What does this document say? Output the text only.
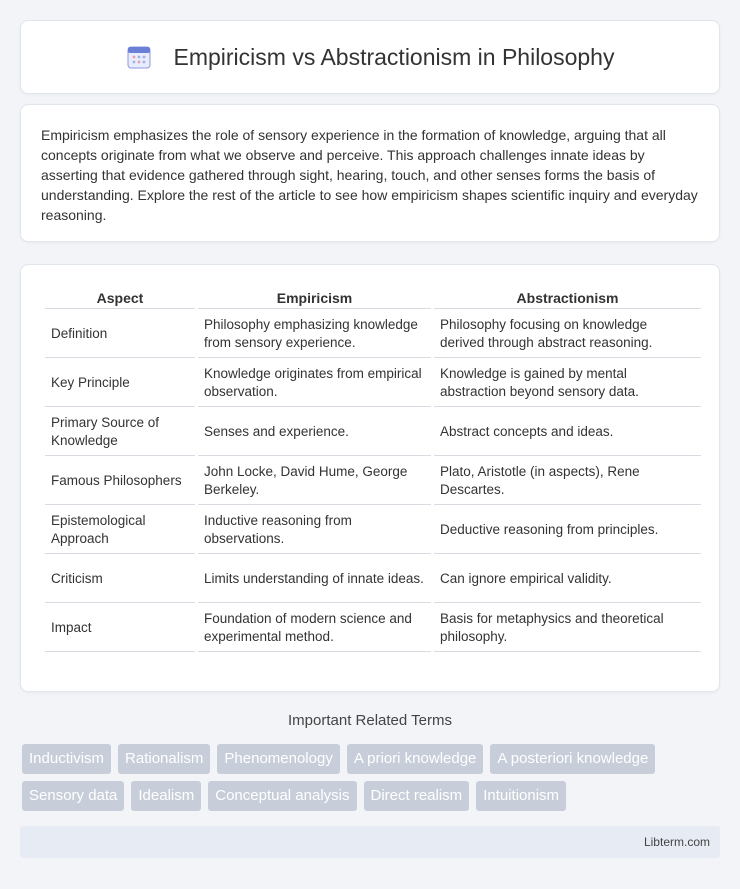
Empiricism vs Abstractionism in Philosophy

Empiricism emphasizes the role of sensory experience in the formation of knowledge, arguing that all concepts originate from what we observe and perceive. This approach challenges innate ideas by asserting that evidence gathered through sight, hearing, touch, and other senses forms the basis of understanding. Explore the rest of the article to see how empiricism shapes scientific inquiry and everyday reasoning.

Aspect	Empiricism	Abstractionism
Definition	Philosophy emphasizing knowledge from sensory experience.	Philosophy focusing on knowledge derived through abstract reasoning.
Key Principle	Knowledge originates from empirical observation.	Knowledge is gained by mental abstraction beyond sensory data.
Primary Source of Knowledge	Senses and experience.	Abstract concepts and ideas.
Famous Philosophers	John Locke, David Hume, George Berkeley.	Plato, Aristotle (in aspects), Rene Descartes.
Epistemological Approach	Inductive reasoning from observations.	Deductive reasoning from principles.
Criticism	Limits understanding of innate ideas.	Can ignore empirical validity.
Impact	Foundation of modern science and experimental method.	Basis for metaphysics and theoretical philosophy.
Important Related Terms
Inductivism	Rationalism	Phenomenology	A priori knowledge	A posteriori knowledge
Sensory data	Idealism	Conceptual analysis	Direct realism	Intuitionism
Libterm.com
